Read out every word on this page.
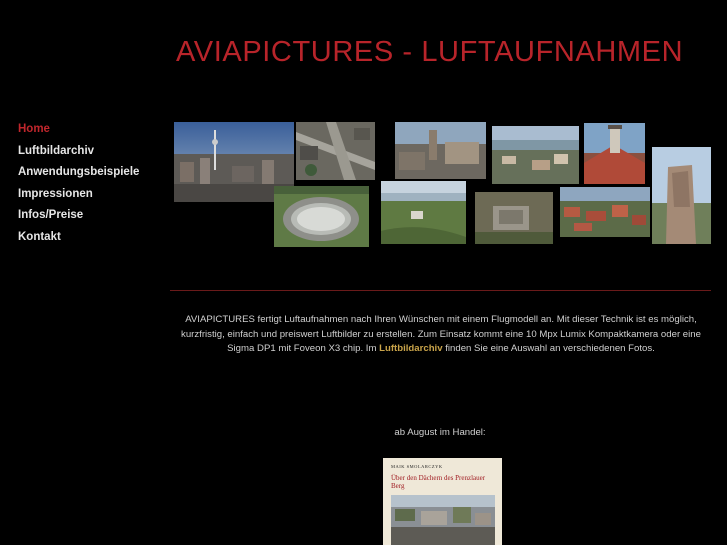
AVIAPICTURES - LUFTAUFNAHMEN
Home
Luftbildarchiv
Anwendungsbeispiele
Impressionen
Infos/Preise
Kontakt
AVIAPICTURES fertigt Luftaufnahmen nach Ihren Wünschen mit einem Flugmodell an. Mit dieser Technik ist es möglich, kurzfristig, einfach und preiswert Luftbilder zu erstellen. Zum Einsatz kommt eine 10 Mpx Lumix Kompaktkamera oder eine Sigma DP1 mit Foveon X3 chip. Im Luftbildarchiv finden Sie eine Auswahl an verschiedenen Fotos.
ab August im Handel:
MAIK SMOLARCZYK
Über den Dächern des Prenzlauer Berg
